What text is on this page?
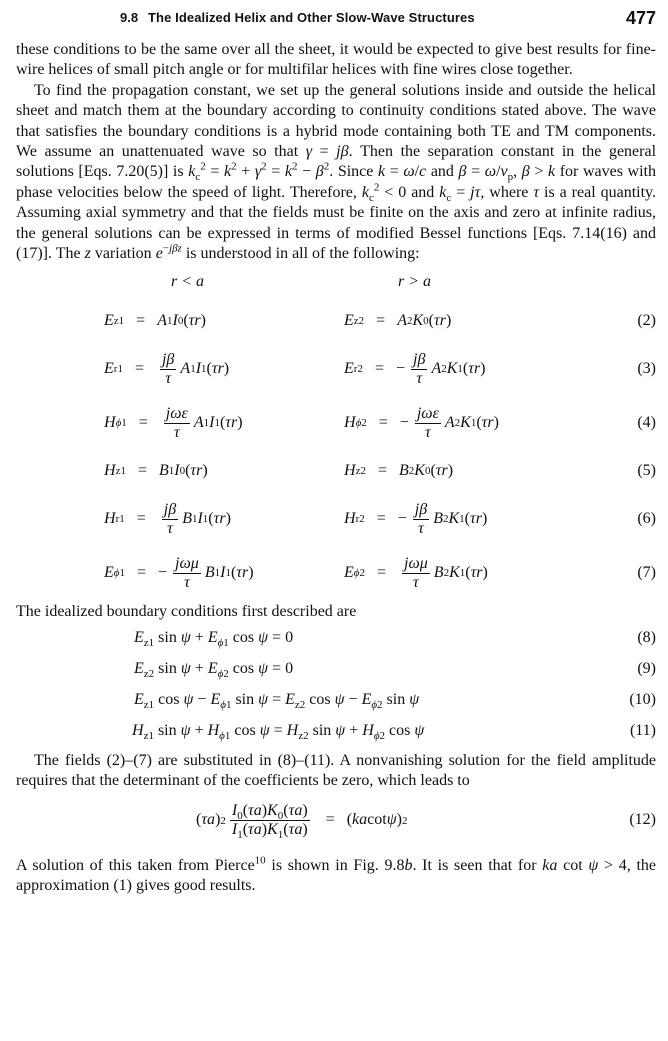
9.8 The Idealized Helix and Other Slow-Wave Structures	477

these conditions to be the same over all the sheet, it would be expected to give best results for fine-wire helices of small pitch angle or for multifilar helices with fine wires close together.

To find the propagation constant, we set up the general solutions inside and outside the helical sheet and match them at the boundary according to continuity conditions stated above. The wave that satisfies the boundary conditions is a hybrid mode containing both TE and TM components. We assume an unattenuated wave so that γ = jβ. Then the separation constant in the general solutions [Eqs. 7.20(5)] is $k_c^2 = k^2 + \gamma^2 = k^2 - \beta^2$. Since k = ω/c and $\beta = \omega/v_p$, β > k for waves with phase velocities below the speed of light. Therefore, $k_c^2 < 0$ and $k_c = j\tau$, where τ is a real quantity. Assuming axial symmetry and that the fields must be finite on the axis and zero at infinite radius, the general solutions can be expressed in terms of modified Bessel functions [Eqs. 7.14(16) and (17)]. The z variation $e^{-j\beta z}$ is understood in all of the following:

r < a	r > a
E z1 = A 1 I 0 ( τr )	E z2 = A 2 K 0 ( τr )	(2)
E $r1 = \frac{j\beta}{\tau}$ A 1 I 1 ( τr )	E r2 = − $\frac{j\beta}{\tau}$ A 2 K 1 ( τr )	(3)
H $\phi 1 = \frac{\text{jωε}}{\tau}$ A 1 I 1 ( τr )	H ϕ2 = − $\frac{\text{jωε}}{\tau}$ A 2 K 1 ( τr )	(4)
H z1 = B 1 I 0 ( τr )	H z2 = B 2 K 0 ( τr )	(5)
H $r1 = \frac{j\beta}{\tau}$ B 1 I 1 ( τr )	H r2 = − $\frac{j\beta}{\tau}$ B 2 K 1 ( τr )	(6)
E ϕ1 = − $\frac{\text{jωμ}}{\tau}$ B 1 I 1 ( τr )	E $\phi 2 = \frac{\text{jωμ}}{\tau}$ B 2 K 1 ( τr )	(7)

The idealized boundary conditions first described are

$E_{z1}$ $\sin \psi + E_{\phi 1}$ cos ψ = 0	(8)
$E_{z2}$ $\sin \psi + E_{\phi 2}$ cos ψ = 0	(9)
$E_{z1}$ $\cos \psi - E_{\phi 1}$ $\sin \psi = E_{z2}$ $\cos \psi - E_{\phi 2}$ sin ψ	(10)
$H_{z1}$ $\sin \psi + H_{\phi 1}$ $\cos \psi = H_{z2}$ $\sin \psi + H_{\phi 2}$ cos ψ	(11)

The fields (2)–(7) are substituted in (8)–(11). A nonvanishing solution for the field amplitude requires that the determinant of the coefficients be zero, which leads to

( τa ) $2 \frac{I_0(\tau a)K_0(\tau a)}{I_1(\tau a)K_1(\tau a)}$ = ( ka cot ψ ) 2	(12)

A solution of this taken from Pierce$^{10}$ is shown in Fig. 9.8b. It is seen that for ka cot ψ > 4, the approximation (1) gives good results.
